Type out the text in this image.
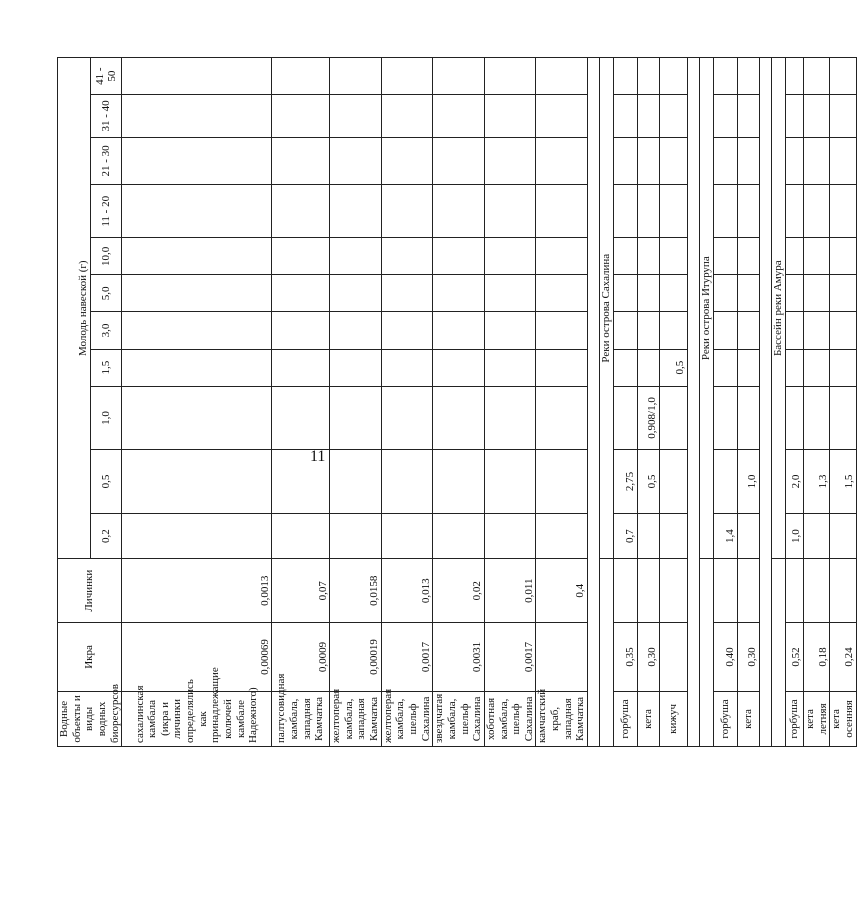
11
Водные объекты и виды водных биоресурсов	Икра	Личинки	Молодь навеской (г)										
			0,2	0,5	1,0	1,5	3,0	5,0	10,0	11 - 20	21 - 30	31 - 40	41 - 50
сахалинская камбала (икра и личинки определялись как принадлежащие колючей камбале Надежного)	0,00069	0,0013											
палтусовидная камбала, западная Камчатка	0,0009	0,07											
желтоперая камбала, западная Камчатка	0,00019	0,0158											
желтоперая камбала, шельф Сахалина	0,0017	0,013											
звездчатая камбала, шельф Сахалина	0,0031	0,02											
хоботная камбала, шельф Сахалина	0,0017	0,011											
камчатский краб, западная Камчатка		0,4											

			Реки острова Сахалина										
горбуша	0,35		0,7	2,75									
кета	0,30			0,5	0,908/1,0								
кижуч						0,5							

			Реки острова Итурупа										
горбуша	0,40		1,4										
кета	0,30			1,0									

			Бассейн реки Амура										
горбуша	0,52		1,0	2,0									
кета летняя	0,18			1,3									
кета осенняя	0,24			1,5									
